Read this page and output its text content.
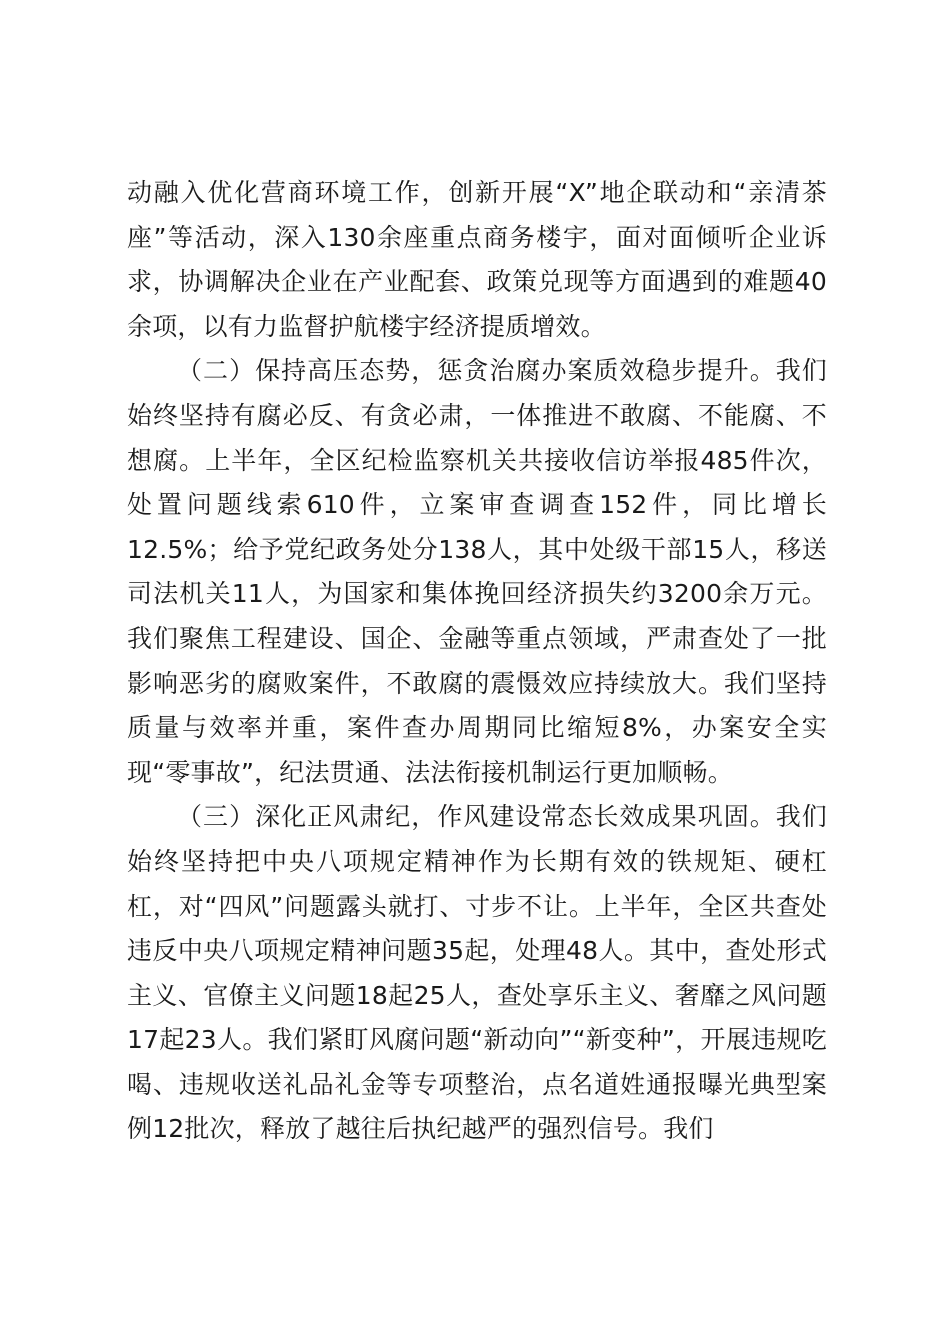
动融入优化营商环境工作，创新开展“X”地企联动和“亲清茶座”等活动，深入130余座重点商务楼宇，面对面倾听企业诉求，协调解决企业在产业配套、政策兑现等方面遇到的难题40余项，以有力监督护航楼宇经济提质增效。

（二）保持高压态势，惩贪治腐办案质效稳步提升。我们始终坚持有腐必反、有贪必肃，一体推进不敢腐、不能腐、不想腐。上半年，全区纪检监察机关共接收信访举报485件次，处置问题线索610件，立案审查调查152件，同比增长12.5%；给予党纪政务处分138人，其中处级干部15人，移送司法机关11人，为国家和集体挽回经济损失约3200余万元。我们聚焦工程建设、国企、金融等重点领域，严肃查处了一批影响恶劣的腐败案件，不敢腐的震慑效应持续放大。我们坚持质量与效率并重，案件查办周期同比缩短8%，办案安全实现“零事故”，纪法贯通、法法衔接机制运行更加顺畅。

（三）深化正风肃纪，作风建设常态长效成果巩固。我们始终坚持把中央八项规定精神作为长期有效的铁规矩、硬杠杠，对“四风”问题露头就打、寸步不让。上半年，全区共查处违反中央八项规定精神问题35起，处理48人。其中，查处形式主义、官僚主义问题18起25人，查处享乐主义、奢靡之风问题17起23人。我们紧盯风腐问题“新动向”“新变种”，开展违规吃喝、违规收送礼品礼金等专项整治，点名道姓通报曝光典型案例12批次，释放了越往后执纪越严的强烈信号。我们
